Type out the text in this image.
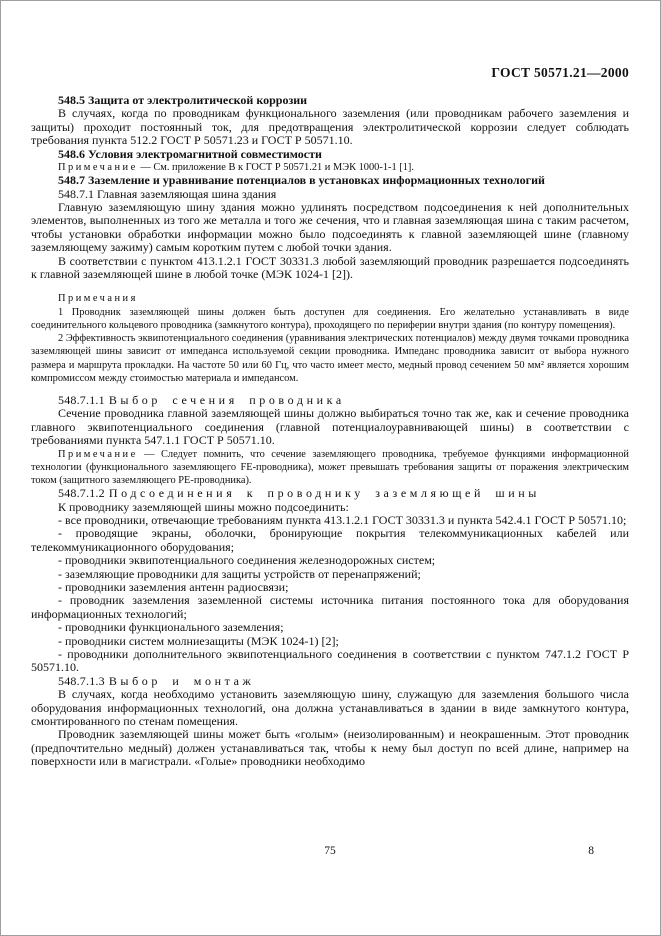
ГОСТ 50571.21—2000

548.5 Защита от электролитической коррозии

В случаях, когда по проводникам функционального заземления (или проводникам рабочего заземления и защиты) проходит постоянный ток, для предотвращения электролитической коррозии следует соблюдать требования пункта 512.2 ГОСТ Р 50571.23 и ГОСТ Р 50571.10.

548.6 Условия электромагнитной совместимости

Примечание — См. приложение В к ГОСТ Р 50571.21 и МЭК 1000-1-1 [1].

548.7 Заземление и уравнивание потенциалов в установках информационных технологий

548.7.1 Главная заземляющая шина здания

Главную заземляющую шину здания можно удлинять посредством подсоединения к ней дополнительных элементов, выполненных из того же металла и того же сечения, что и главная заземляющая шина с таким расчетом, чтобы установки обработки информации можно было подсоединять к главной заземляющей шине (главному заземляющему зажиму) самым коротким путем с любой точки здания.

В соответствии с пунктом 413.1.2.1 ГОСТ 30331.3 любой заземляющий проводник разрешается подсоединять к главной заземляющей шине в любой точке (МЭК 1024-1 [2]).

Примечания

1 Проводник заземляющей шины должен быть доступен для соединения. Его желательно устанавливать в виде соединительного кольцевого проводника (замкнутого контура), проходящего по периферии внутри здания (по контуру помещения).

2 Эффективность эквипотенциального соединения (уравнивания электрических потенциалов) между двумя точками проводника заземляющей шины зависит от импеданса используемой секции проводника. Импеданс проводника зависит от выбора нужного размера и маршрута прокладки. На частоте 50 или 60 Гц, что часто имеет место, медный провод сечением 50 мм² является хорошим компромиссом между стоимостью материала и импедансом.

548.7.1.1 Выбор сечения проводника

Сечение проводника главной заземляющей шины должно выбираться точно так же, как и сечение проводника главного эквипотенциального соединения (главной потенциалоуравнивающей шины) в соответствии с требованиями пункта 547.1.1 ГОСТ Р 50571.10.

Примечание — Следует помнить, что сечение заземляющего проводника, требуемое функциями информационной технологии (функционального заземляющего FE-проводника), может превышать требования защиты от поражения электрическим током (защитного заземляющего PE-проводника).

548.7.1.2 Подсоединения к проводнику заземляющей шины

К проводнику заземляющей шины можно подсоединить:

- все проводники, отвечающие требованиям пункта 413.1.2.1 ГОСТ 30331.3 и пункта 542.4.1 ГОСТ Р 50571.10;

- проводящие экраны, оболочки, бронирующие покрытия телекоммуникационных кабелей или телекоммуникационного оборудования;

- проводники эквипотенциального соединения железнодорожных систем;

- заземляющие проводники для защиты устройств от перенапряжений;

- проводники заземления антенн радиосвязи;

- проводник заземления заземленной системы источника питания постоянного тока для оборудования информационных технологий;

- проводники функционального заземления;

- проводники систем молниезащиты (МЭК 1024-1) [2];

- проводники дополнительного эквипотенциального соединения в соответствии с пунктом 747.1.2 ГОСТ Р 50571.10.

548.7.1.3 Выбор и монтаж

В случаях, когда необходимо установить заземляющую шину, служащую для заземления большого числа оборудования информационных технологий, она должна устанавливаться в здании в виде замкнутого контура, смонтированного по стенам помещения.

Проводник заземляющей шины может быть «голым» (неизолированным) и неокрашенным. Этот проводник (предпочтительно медный) должен устанавливаться так, чтобы к нему был доступ по всей длине, например на поверхности или в магистрали. «Голые» проводники необходимо

75	8
